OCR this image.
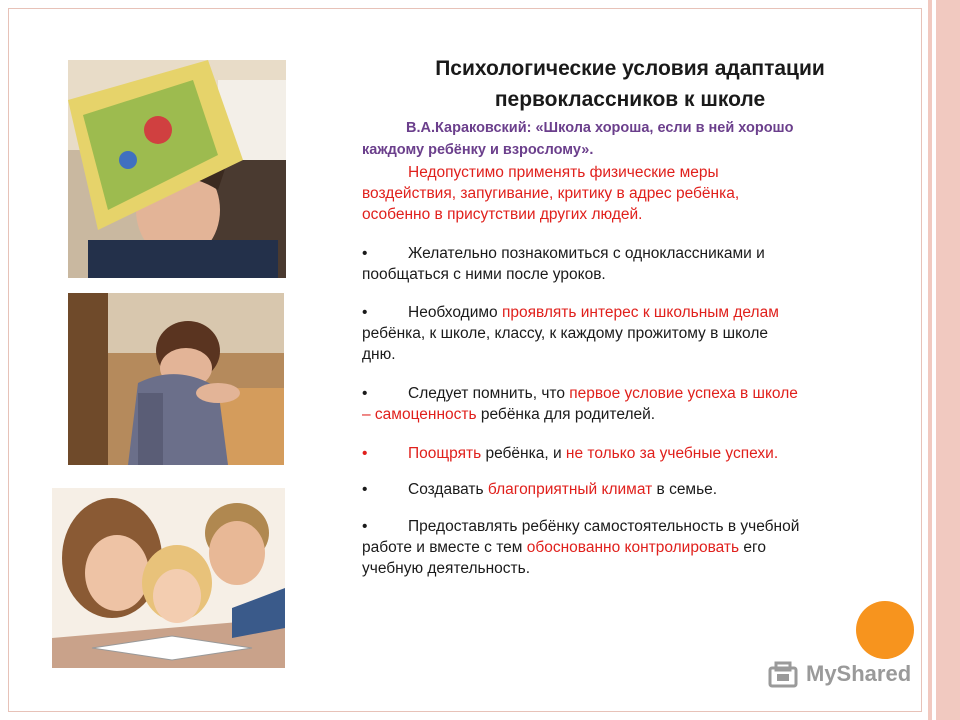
Психологические условия адаптации
первоклассников к школе
В.А.Караковский: «Школа хороша, если в ней хорошо
каждому ребёнку и взрослому».
Недопустимо применять физические меры
воздействия, запугивание, критику в адрес ребёнка,
особенно в присутствии других людей.
•	Желательно познакомиться с одноклассниками и
пообщаться с ними после уроков.
•	Необходимо проявлять интерес к школьным делам
ребёнка, к школе, классу, к каждому прожитому в школе
дню.
•	Следует помнить, что первое условие успеха в школе
– самоценность ребёнка для родителей.
•	Поощрять ребёнка, и не только за учебные успехи.
•	Создавать благоприятный климат в семье.
•	Предоставлять ребёнку самостоятельность в учебной
работе и вместе с тем обоснованно контролировать его
учебную деятельность.
MyShared
